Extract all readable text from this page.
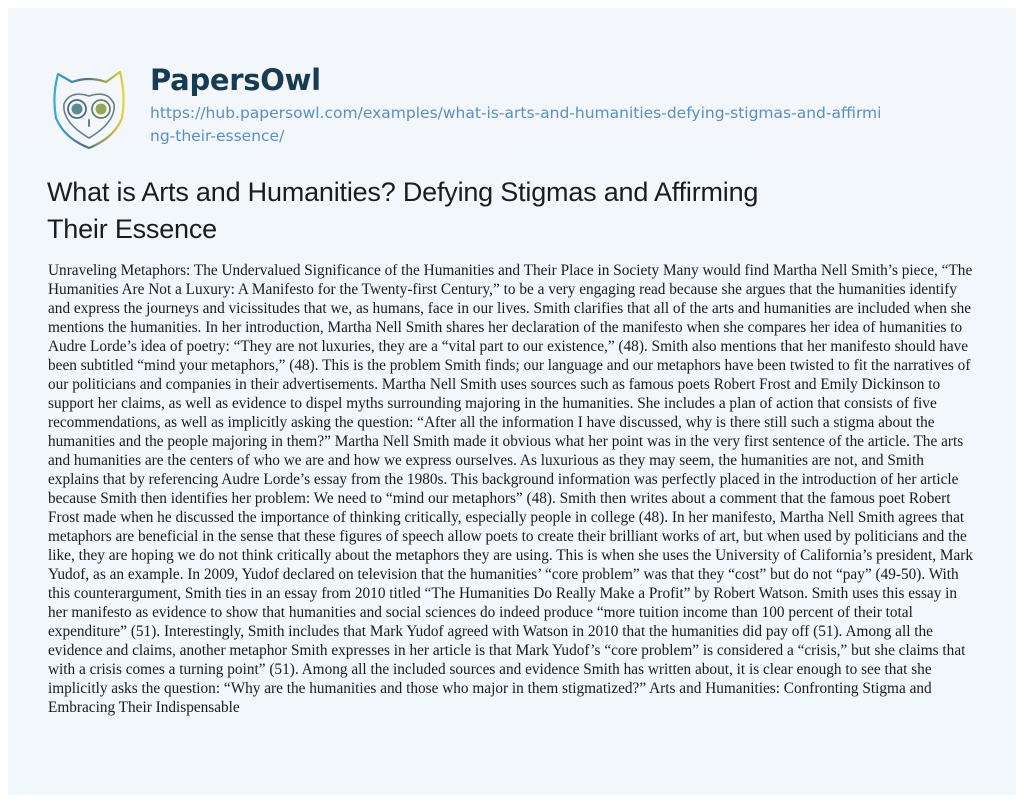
PapersOwl
https://hub.papersowl.com/examples/what-is-arts-and-humanities-defying-stigmas-and-affirming-their-essence/
What is Arts and Humanities? Defying Stigmas and Affirming Their Essence
Unraveling Metaphors: The Undervalued Significance of the Humanities and Their Place in Society Many would find Martha Nell Smith’s piece, “The Humanities Are Not a Luxury: A Manifesto for the Twenty-first Century,” to be a very engaging read because she argues that the humanities identify and express the journeys and vicissitudes that we, as humans, face in our lives. Smith clarifies that all of the arts and humanities are included when she mentions the humanities. In her introduction, Martha Nell Smith shares her declaration of the manifesto when she compares her idea of humanities to Audre Lorde’s idea of poetry: “They are not luxuries, they are a “vital part to our existence,” (48). Smith also mentions that her manifesto should have been subtitled “mind your metaphors,” (48). This is the problem Smith finds; our language and our metaphors have been twisted to fit the narratives of our politicians and companies in their advertisements. Martha Nell Smith uses sources such as famous poets Robert Frost and Emily Dickinson to support her claims, as well as evidence to dispel myths surrounding majoring in the humanities. She includes a plan of action that consists of five recommendations, as well as implicitly asking the question: “After all the information I have discussed, why is there still such a stigma about the humanities and the people majoring in them?” Martha Nell Smith made it obvious what her point was in the very first sentence of the article. The arts and humanities are the centers of who we are and how we express ourselves. As luxurious as they may seem, the humanities are not, and Smith explains that by referencing Audre Lorde’s essay from the 1980s. This background information was perfectly placed in the introduction of her article because Smith then identifies her problem: We need to “mind our metaphors” (48). Smith then writes about a comment that the famous poet Robert Frost made when he discussed the importance of thinking critically, especially people in college (48). In her manifesto, Martha Nell Smith agrees that metaphors are beneficial in the sense that these figures of speech allow poets to create their brilliant works of art, but when used by politicians and the like, they are hoping we do not think critically about the metaphors they are using. This is when she uses the University of California’s president, Mark Yudof, as an example. In 2009, Yudof declared on television that the humanities’ “core problem” was that they “cost” but do not “pay” (49-50). With this counterargument, Smith ties in an essay from 2010 titled “The Humanities Do Really Make a Profit” by Robert Watson. Smith uses this essay in her manifesto as evidence to show that humanities and social sciences do indeed produce “more tuition income than 100 percent of their total expenditure” (51). Interestingly, Smith includes that Mark Yudof agreed with Watson in 2010 that the humanities did pay off (51). Among all the evidence and claims, another metaphor Smith expresses in her article is that Mark Yudof’s “core problem” is considered a “crisis,” but she claims that with a crisis comes a turning point” (51). Among all the included sources and evidence Smith has written about, it is clear enough to see that she implicitly asks the question: “Why are the humanities and those who major in them stigmatized?” Arts and Humanities: Confronting Stigma and Embracing Their Indispensable
